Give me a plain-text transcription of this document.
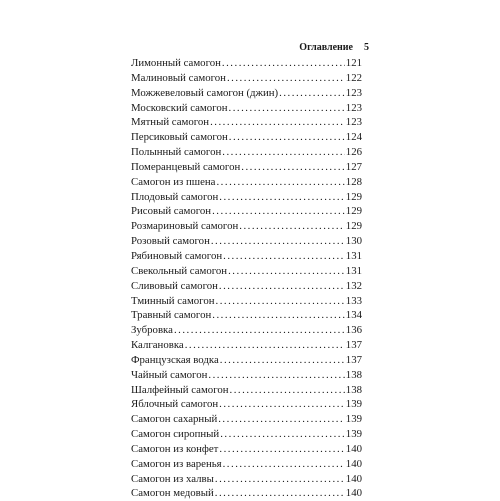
Оглавление 5
Лимонный самогон . . .	121
Малиновый самогон . . .	122
Можжевеловый самогон (джин) . . .	123
Московский самогон . . .	123
Мятный самогон . . .	123
Персиковый самогон . . .	124
Полынный самогон . . .	126
Померанцевый самогон . . .	127
Самогон из пшена . . .	128
Плодовый самогон . . .	129
Рисовый самогон . . .	129
Розмариновый самогон . . .	129
Розовый самогон . . .	130
Рябиновый самогон . . .	131
Свекольный самогон . . .	131
Сливовый самогон . . .	132
Тминный самогон . . .	133
Травный самогон . . .	134
Зубровка . . .	136
Калгановка . . .	137
Французская водка . . .	137
Чайный самогон . . .	138
Шалфейный самогон . . .	138
Яблочный самогон . . .	139
Самогон сахарный . . .	139
Самогон сиропный . . .	139
Самогон из конфет . . .	140
Самогон из варенья . . .	140
Самогон из халвы . . .	140
Самогон медовый . . .	140
